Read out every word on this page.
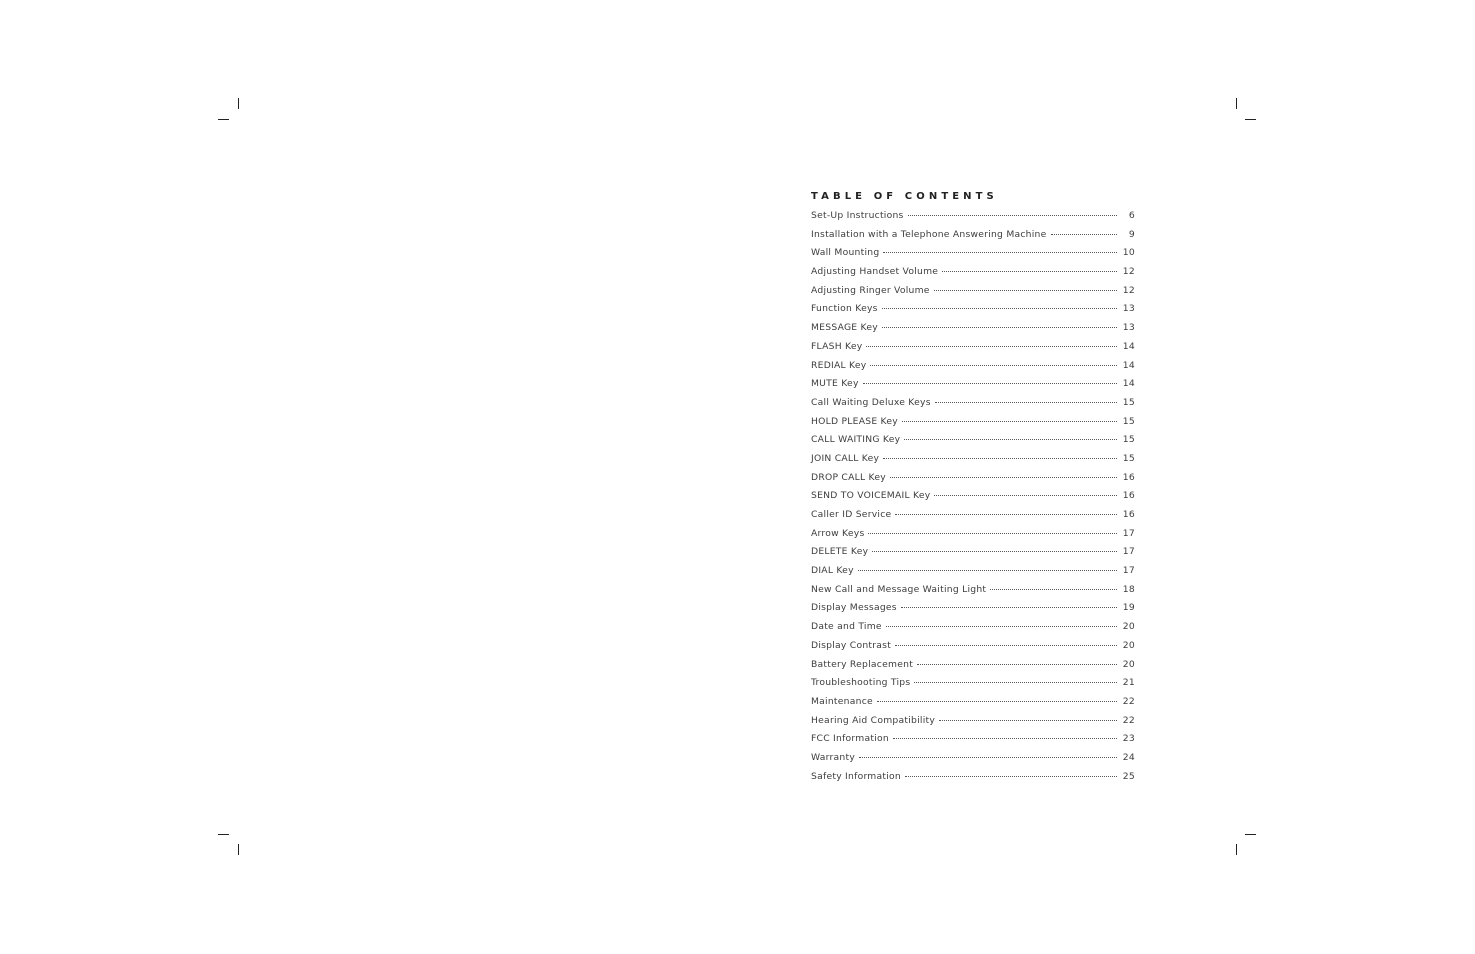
TABLE OF CONTENTS
Set-Up Instructions	6
Installation with a Telephone Answering Machine	9
Wall Mounting	10
Adjusting Handset Volume	12
Adjusting Ringer Volume	12
Function Keys	13
MESSAGE Key	13
FLASH Key	14
REDIAL Key	14
MUTE Key	14
Call Waiting Deluxe Keys	15
HOLD PLEASE Key	15
CALL WAITING Key	15
JOIN CALL Key	15
DROP CALL Key	16
SEND TO VOICEMAIL Key	16
Caller ID Service	16
Arrow Keys	17
DELETE Key	17
DIAL Key	17
New Call and Message Waiting Light	18
Display Messages	19
Date and Time	20
Display Contrast	20
Battery Replacement	20
Troubleshooting Tips	21
Maintenance	22
Hearing Aid Compatibility	22
FCC Information	23
Warranty	24
Safety Information	25
